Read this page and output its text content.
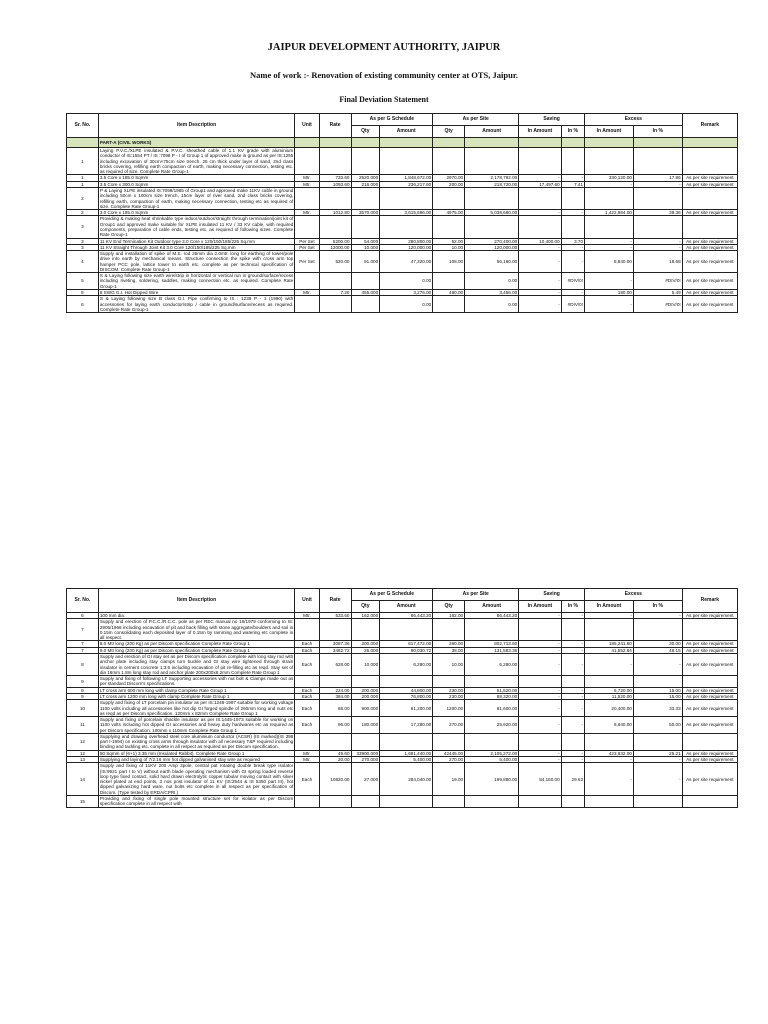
JAIPUR DEVELOPMENT AUTHORITY, JAIPUR
Name of work :- Renovation of existing community center at OTS, Jaipur.
Final Deviation Statement
Sr. No.	Item Description	Unit	Rate	As per G Schedule		As per Site		Saving		Excess		Remark
				Qty	Amount	Qty	Amount	In Amount	In %	In Amount	In %	
	PART-A (CIVIL WORKS)											
1	Laying P.V.C./XLPE insulated & P.V.C. sheathed cable of 1.1 KV grade with aluminium conductor of IS:1554 PT / IS :7098 P - I of Group 1 of approved make in ground as per IS:1255 including excavation of 30cm×75cm size trench. 25 cm thick under layer of sand, 2nd class bricks covering, refilling earth compaction of earth, making necessary connection, testing etc. as required of size. Complete Rate Group-1											
1	3.5 Core x 185.0 Sqmm	Mtr.	733.60	2520.000	1,848,672.00	2970.00	2,178,792.00	-	-	330,120.00	17.86	As per site requirement
1	3.5 Core x 300.0 Sqmm	Mtr.	1093.60	216.000	236,217.60	200.00	218,720.00	17,497.60	7.41	-	-	As per site requirement
2	P & Laying XLPE insulated IS:7098/1985 of Group1 and approved make 11KV cable in ground including 50cm x 100cm size trench, 15cm layer of river sand, 2nd class bricks covering, refilling earth, compaction of earth, making necessary connection, testing etc as required of size. Complete Rate Group-1											
2	3.0 Core x 185.0 Sqmm	Mtr.	1012.80	3570.000	3,615,696.00	4975.00	5,038,680.00	-	-	1,422,984.00	39.36	As per site requirement
3	Providing & making heat shrinkable type indoor/outdoor/straight through termination/joint kit of Group1 and approved make suitable for XLPE insulated 11 KV / 33 KV cable, with required components, preparation of cable ends, testing etc. as required of following sizes. Complete Rate Group-1											
3	11 KV End Termination Kit Outdoor type 3.0 Core x 120/150/185/225 Sq.mm	Per Set	5200.00	54.000	280,800.00	52.00	270,400.00	10,400.00	3.70	-	-	As per site requirement
3	11 KV Straight Through Joint Kit 3.0 Core 120/150/185/225 Sq.mm	Per Set	12000.00	10.000	120,000.00	10.00	120,000.00	-	-	-	-	As per site requirement
4	Supply and installation of spike of M.S. rod 25mm dia 2.0mtr. long for earthing of tower/pole drive into earth by mechanical means. Structure connection the spike with cross arm top hamper PCC pole, lattice tower to earth etc. complete as per technical specification of DISCOM. Complete Rate Group-1	Per Set	520.00	91.000	47,320.00	108.00	56,160.00	-	-	8,840.00	18.68	As per site requirement
5	S & Laying following size earth wire/strip in horizontal or vertical run in ground/surface/recess including riveting, soldering, saddles, making connection etc. as required. Complete Rate Group-1				0.00		0.00	-	#DIV/0!	-	#DIV/0!	As per site requirement
5	8 SWG G.I. Hot Dipped Wire	Mtr.	7.20	455.000	3,276.00	480.00	3,456.00	-	-	180.00	5.49	As per site requirement
6	S & Laying following size B class G.I. Pipe confirming to IS : 1239 P - 1 (1990) with accessories for laying earth conductor/strip / cable in ground/surface/recess as required. Complete Rate Group-1				0.00		0.00	-	#DIV/0!	-	#DIV/0!	As per site requirement
Sr. No.	Item Description	Unit	Rate	As per G Schedule		As per Site		Saving		Excess		Remark
				Qty	Amount	Qty	Amount	In Amount	In %	In Amount	In %	
6	100 mm dia.	Mtr.	533.60	162.000	86,443.20	162.00	86,443.20	-	-	-	-	As per site requirement
7	Supply and erection of P.C.C./R.C.C. pole as per REC manual no 16/1979 conforming to IS: 2905/1966 including excavation of pit and back filling with stone aggregate/boulders and soil in 0.15m consolidating each deposited layer of 0.15m by ramming and watering etc complete in all respect.											
7	8.0 Mtr long (200 Kg) as per Discom specification Complete Rate Group 1	Each	3087.36	200.000	617,472.00	260.00	802,713.60	-	-	185,241.60	30.00	As per site requirement
7	9.0 Mtr long (200 Kg) as per Discom specification Complete Rate Group 1	Each	3462.72	26.000	90,030.72	38.00	131,583.36	-	-	41,552.64	46.15	As per site requirement
8	Supply and erection of GI stay set as per Discom specification complete with long stay rod with anchor plate including stay clamps turn buckle and GI stay wire tightened through strain insulator in cement concrete 1:3:6 including excavation of pit re-filling etc as reqd. Stay set of dia 16mm 1.8m long stay rod and anchor plate 200x200x6.2mm Complete Rate Group 1	Each	628.00	10.000	6,280.00	10.00	6,280.00	-	-	-	-	As per site requirement
9	Supply and fixing of following LT Supporting accessories with nut bolt & Clamps made out as per standard Discom's specifications.											
9	LT cross arm 600 mm long with clamp Complete Rate Group 1	Each	224.00	200.000	44,800.00	230.00	51,520.00	-	-	6,720.00	15.00	As per site requirement
9	LT cross arm 1200 mm long with clamp Complete Rate Group 1	Each	384.00	200.000	76,800.00	230.00	88,320.00	-	-	11,520.00	15.00	As per site requirement
10	Supply and fixing of LT porcelain pin insulator as per IS:1248-1997 suitable for working voltage 1100 volts including all accessories like hot dip GI forged spindle of 260mm long and nuts etc as reqd as per Discom specification. 120mm x 82mm Complete Rate Group 1	Each	68.00	900.000	61,200.00	1200.00	81,600.00	-	-	20,400.00	33.33	As per site requirement
11	Supply and fixing of porcelain shackle insulator as per IS:1445-1973 suitable for working on 1100 volts including hot dipped GI accessories and heavy duty hardwares etc as required as per Discom specification. 100mm x 110mm Complete Rate Group 1	Each	96.00	180.000	17,280.00	270.00	25,920.00	-	-	8,640.00	50.00	As per site requirement
12	Supplying and drawing overhead steel core aluminium conductor (ACSR) (IS marked)(IS 398 part I-1994) on existing cross arms through insulator with all necessary T&P required including binding and tackling etc. complete in all respect as required as per Discom specification.											
12	50 Sqmm of (6+1) 3.35 mm (Insulated Rabbit). Complete Rate Group 1	Mtr.	49.60	33900.000	1,681,440.00	42445.00	2,105,272.00	-	-	423,832.00	25.21	As per site requirement
13	Supplying and laying of 7/2.16 mm hot dipped galvanised stay wire as required	Mtr.	20.00	270.000	5,400.00	270.00	5,400.00	-	-	-	-	As per site requirement
14	Supply and fixing of 11KV 200 Amp 3pole, central pat rotating double break type isolator (IS:9921 part I to V) without earth blade operating mechanism with GI spring loaded reverse loop type fixed contact, solid hard drawn electrolytic copper tubular moving contact with silver nickel plated at end points, 3 nos post insulator of 11 KV (IS:2544 & IS 5350 part III), hot dipped galvanizing hard ware, nut bolts etc complete in all respect as per specification of Discom. (Type tested by ERDA/CPRI.)	Each	10820.00	27.000	284,040.00	19.00	199,880.00	84,160.00	29.63	-	-	As per site requirement
15	Providing and fixing of single pole mounted structure set for isolator as per Discom specification complete in all respect with											
